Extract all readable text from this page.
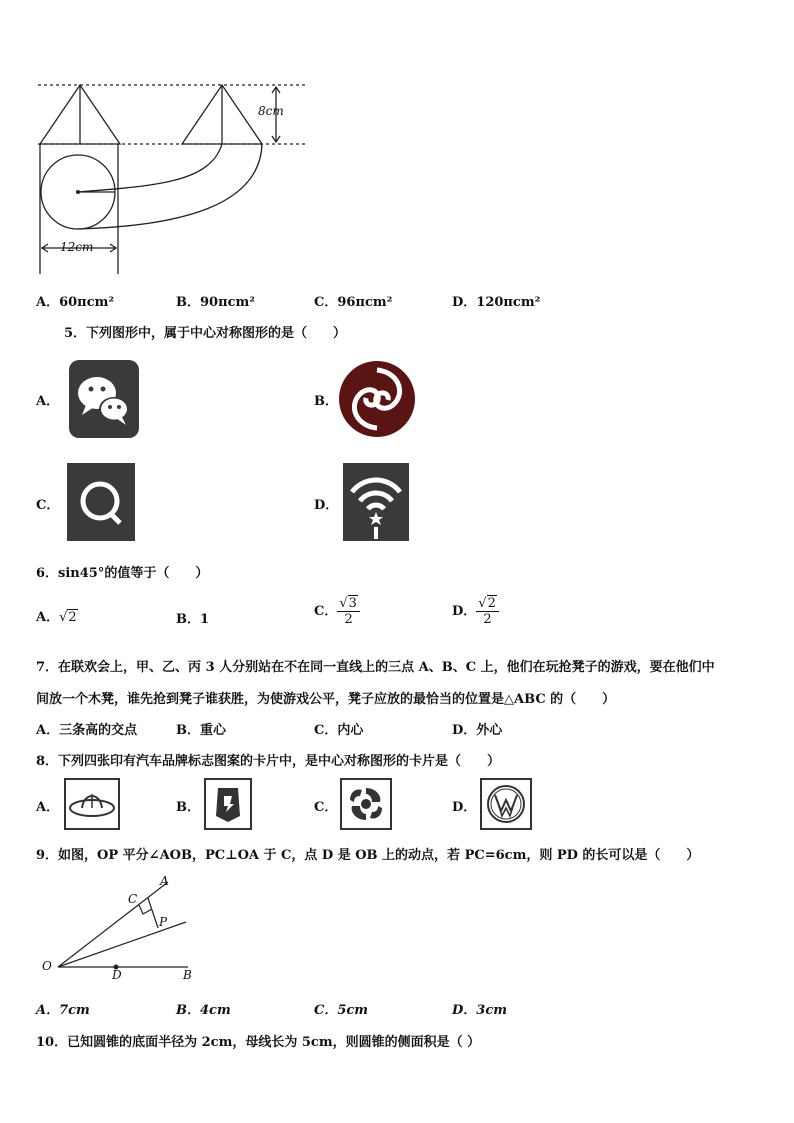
8cm
12cm
A．60πcm²	B．90πcm²	C．96πcm²	D．120πcm²
5．下列图形中，属于中心对称图形的是（　　）
A．	B．
C．	D．
6．sin45°的值等于（　　）
A．√2	B．1
C． $\frac{√3}{2}$	D． $\frac{√2}{2}$
7．在联欢会上，甲、乙、丙 3 人分别站在不在同一直线上的三点 A、B、C 上，他们在玩抢凳子的游戏，要在他们中
间放一个木凳，谁先抢到凳子谁获胜，为使游戏公平，凳子应放的最恰当的位置是△ABC 的（　　）
A．三条高的交点	B．重心	C．内心	D．外心
8．下列四张印有汽车品牌标志图案的卡片中，是中心对称图形的卡片是（　　）
A．	B．	C．	D．
9．如图，OP 平分∠AOB，PC⊥OA 于 C，点 D 是 OB 上的动点，若 PC=6cm，则 PD 的长可以是（　　）
A
C
P
O
D	B
A．7cm	B．4cm	C．5cm	D．3cm
10．已知圆锥的底面半径为 2cm，母线长为 5cm，则圆锥的侧面积是（ ）
